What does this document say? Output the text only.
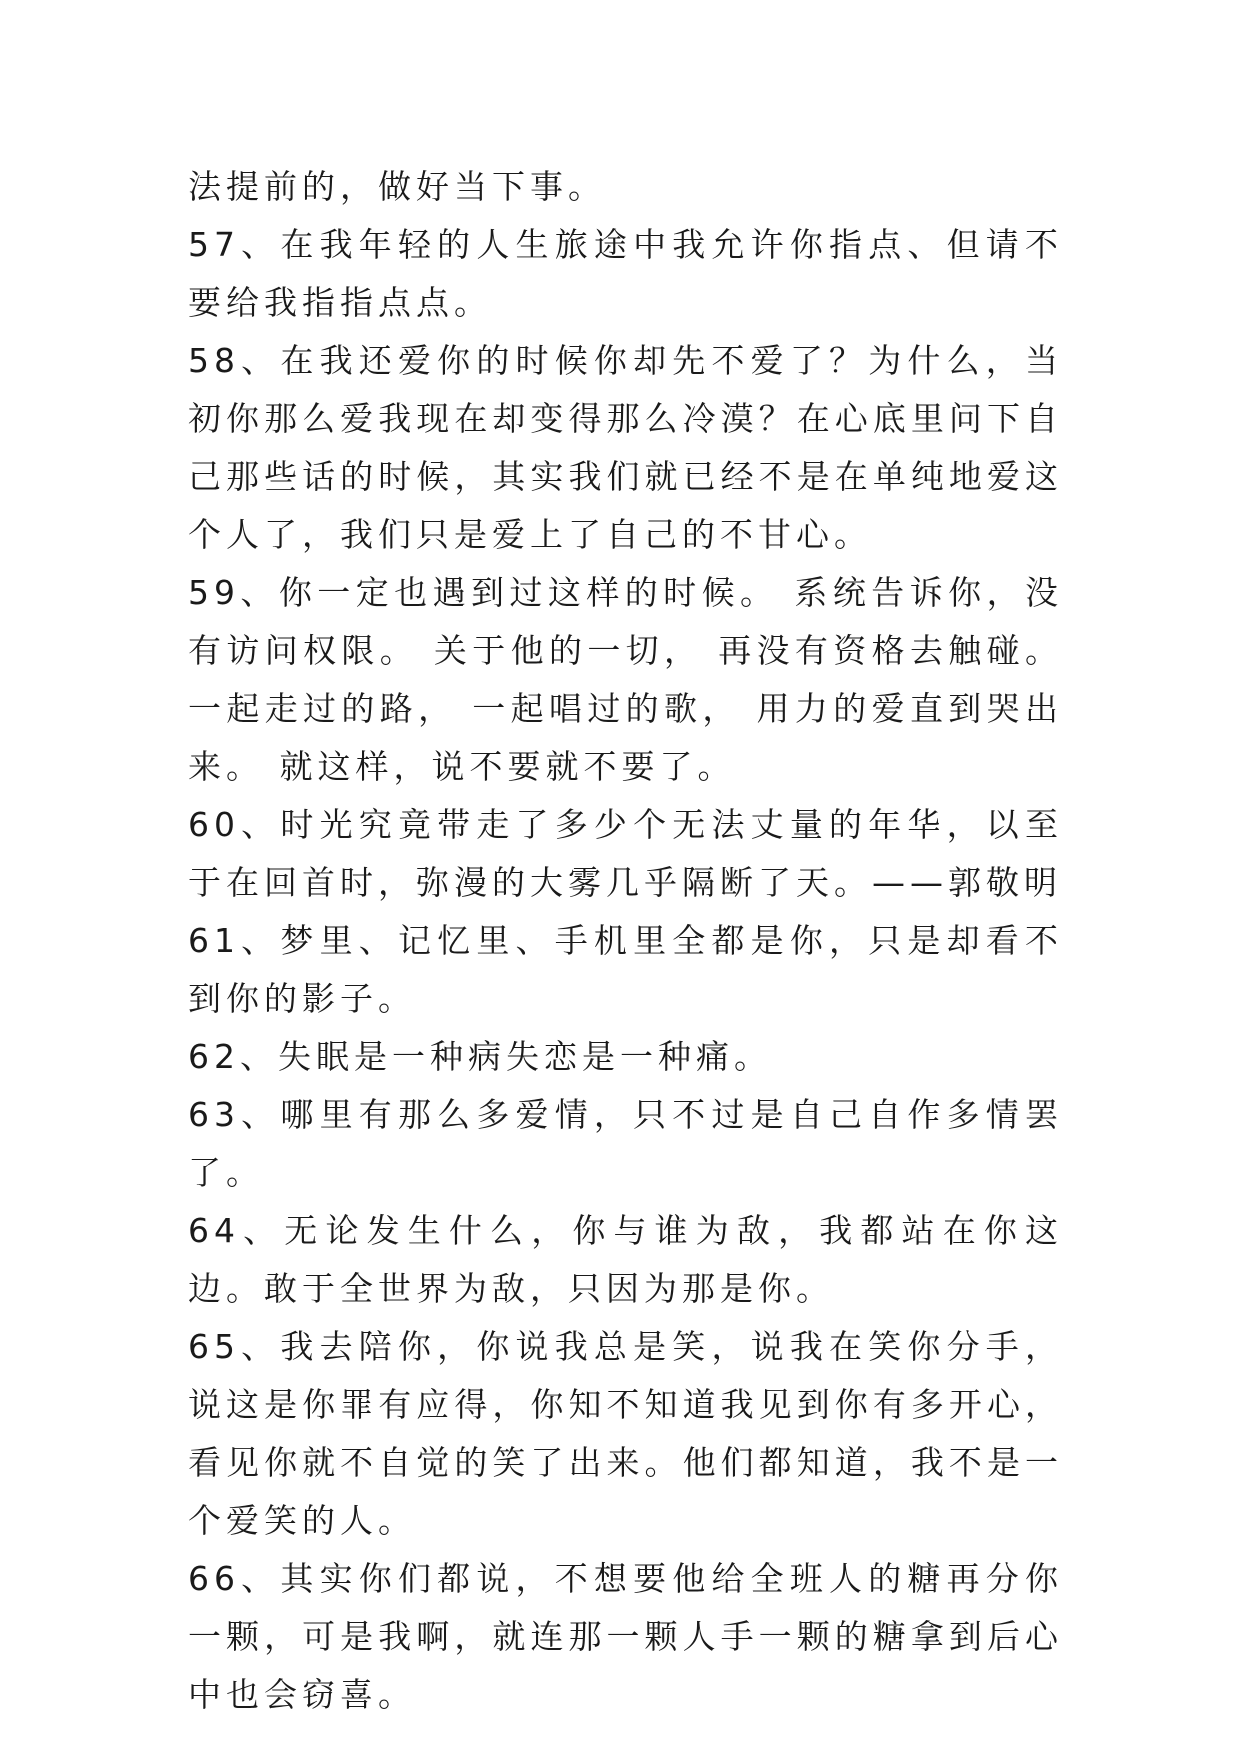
法提前的，做好当下事。

57、在我年轻的人生旅途中我允许你指点、但请不要给我指指点点。

58、在我还爱你的时候你却先不爱了？为什么，当初你那么爱我现在却变得那么冷漠？在心底里问下自己那些话的时候，其实我们就已经不是在单纯地爱这个人了，我们只是爱上了自己的不甘心。

59、你一定也遇到过这样的时候。 系统告诉你，没有访问权限。 关于他的一切， 再没有资格去触碰。 一起走过的路， 一起唱过的歌， 用力的爱直到哭出来。 就这样，说不要就不要了。

60、时光究竟带走了多少个无法丈量的年华，以至于在回首时，弥漫的大雾几乎隔断了天。——郭敬明

61、梦里、记忆里、手机里全都是你，只是却看不到你的影子。

62、失眠是一种病失恋是一种痛。

63、哪里有那么多爱情，只不过是自己自作多情罢了。

64、无论发生什么，你与谁为敌，我都站在你这边。敢于全世界为敌，只因为那是你。

65、我去陪你，你说我总是笑，说我在笑你分手，说这是你罪有应得，你知不知道我见到你有多开心，看见你就不自觉的笑了出来。他们都知道，我不是一个爱笑的人。

66、其实你们都说，不想要他给全班人的糖再分你一颗，可是我啊，就连那一颗人手一颗的糖拿到后心中也会窃喜。
